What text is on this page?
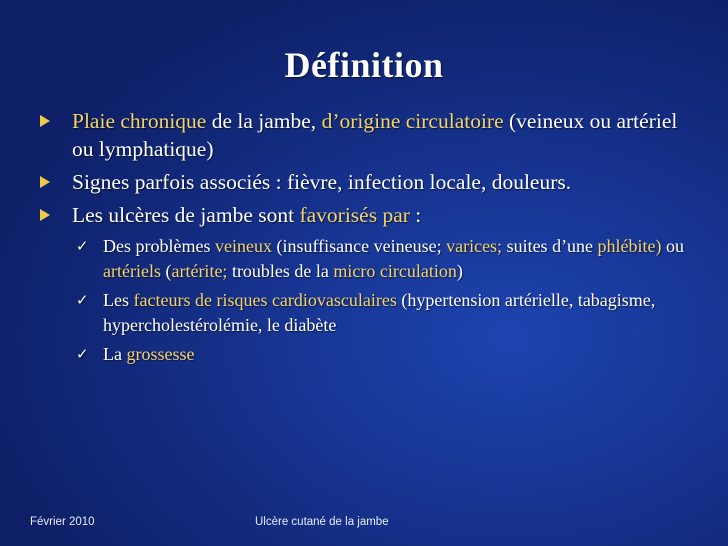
Définition
Plaie chronique de la jambe, d’origine circulatoire (veineux ou artériel ou lymphatique)
Signes parfois associés : fièvre, infection locale, douleurs.
Les ulcères de jambe sont favorisés par :
✓ Des problèmes veineux (insuffisance veineuse; varices; suites d’une phlébite) ou artériels (artérite; troubles de la micro circulation)
✓ Les facteurs de risques cardiovasculaires (hypertension artérielle, tabagisme, hypercholestérolémie, le diabète
✓ La grossesse
Février 2010	Ulcère cutané de la jambe
